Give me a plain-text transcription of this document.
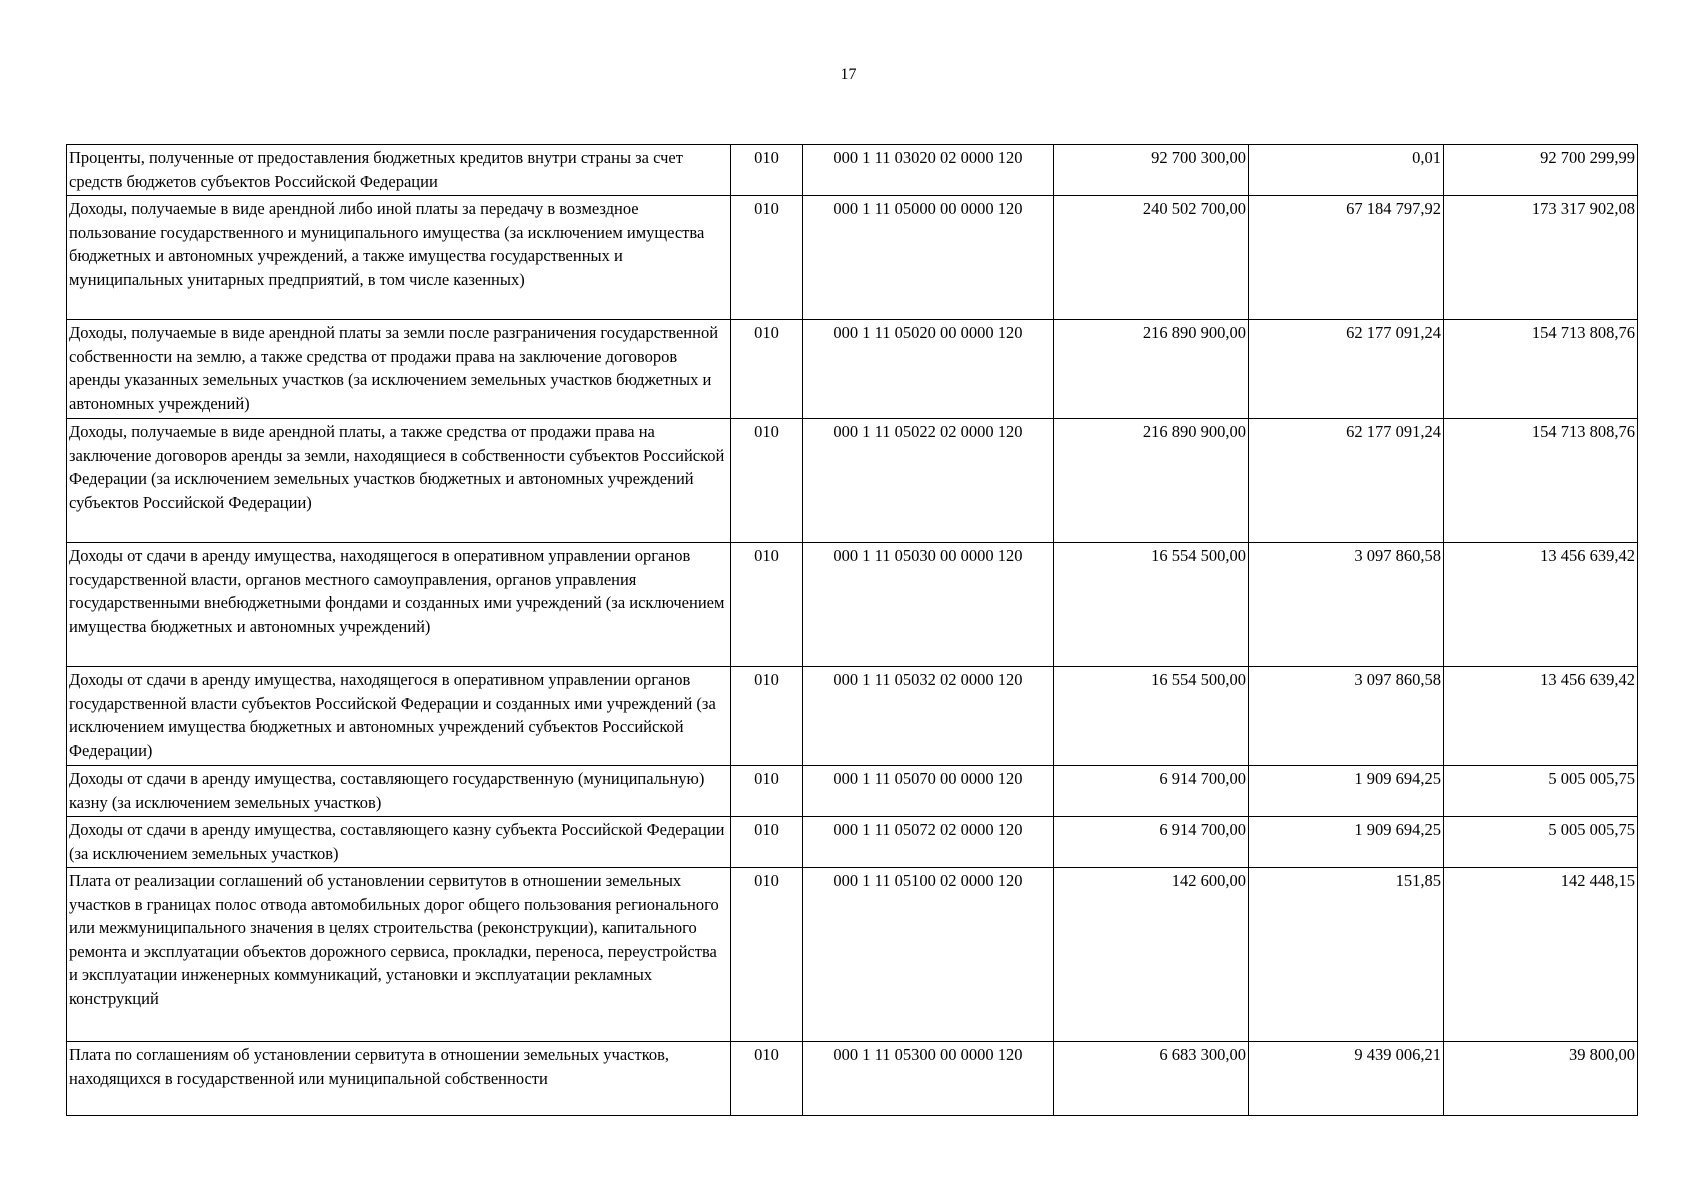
17
Проценты, полученные от предоставления бюджетных кредитов внутри страны за счет средств бюджетов субъектов Российской Федерации	010	000 1 11 03020 02 0000 120	92 700 300,00	0,01	92 700 299,99
Доходы, получаемые в виде арендной либо иной платы за передачу в возмездное пользование государственного и муниципального имущества (за исключением имущества бюджетных и автономных учреждений, а также имущества государственных и муниципальных унитарных предприятий, в том числе казенных)	010	000 1 11 05000 00 0000 120	240 502 700,00	67 184 797,92	173 317 902,08
Доходы, получаемые в виде арендной платы за земли после разграничения государственной собственности на землю, а также средства от продажи права на заключение договоров аренды указанных земельных участков (за исключением земельных участков бюджетных и автономных учреждений)	010	000 1 11 05020 00 0000 120	216 890 900,00	62 177 091,24	154 713 808,76
Доходы, получаемые в виде арендной платы, а также средства от продажи права на заключение договоров аренды за земли, находящиеся в собственности субъектов Российской Федерации (за исключением земельных участков бюджетных и автономных учреждений субъектов Российской Федерации)	010	000 1 11 05022 02 0000 120	216 890 900,00	62 177 091,24	154 713 808,76
Доходы от сдачи в аренду имущества, находящегося в оперативном управлении органов государственной власти, органов местного самоуправления, органов управления государственными внебюджетными фондами и созданных ими учреждений (за исключением имущества бюджетных и автономных учреждений)	010	000 1 11 05030 00 0000 120	16 554 500,00	3 097 860,58	13 456 639,42
Доходы от сдачи в аренду имущества, находящегося в оперативном управлении органов государственной власти субъектов Российской Федерации и созданных ими учреждений (за исключением имущества бюджетных и автономных учреждений субъектов Российской Федерации)	010	000 1 11 05032 02 0000 120	16 554 500,00	3 097 860,58	13 456 639,42
Доходы от сдачи в аренду имущества, составляющего государственную (муниципальную) казну (за исключением земельных участков)	010	000 1 11 05070 00 0000 120	6 914 700,00	1 909 694,25	5 005 005,75
Доходы от сдачи в аренду имущества, составляющего казну субъекта Российской Федерации (за исключением земельных участков)	010	000 1 11 05072 02 0000 120	6 914 700,00	1 909 694,25	5 005 005,75
Плата от реализации соглашений об установлении сервитутов в отношении земельных участков в границах полос отвода автомобильных дорог общего пользования регионального или межмуниципального значения в целях строительства (реконструкции), капитального ремонта и эксплуатации объектов дорожного сервиса, прокладки, переноса, переустройства и эксплуатации инженерных коммуникаций, установки и эксплуатации рекламных конструкций	010	000 1 11 05100 02 0000 120	142 600,00	151,85	142 448,15
Плата по соглашениям об установлении сервитута в отношении земельных участков, находящихся в государственной или муниципальной собственности	010	000 1 11 05300 00 0000 120	6 683 300,00	9 439 006,21	39 800,00
